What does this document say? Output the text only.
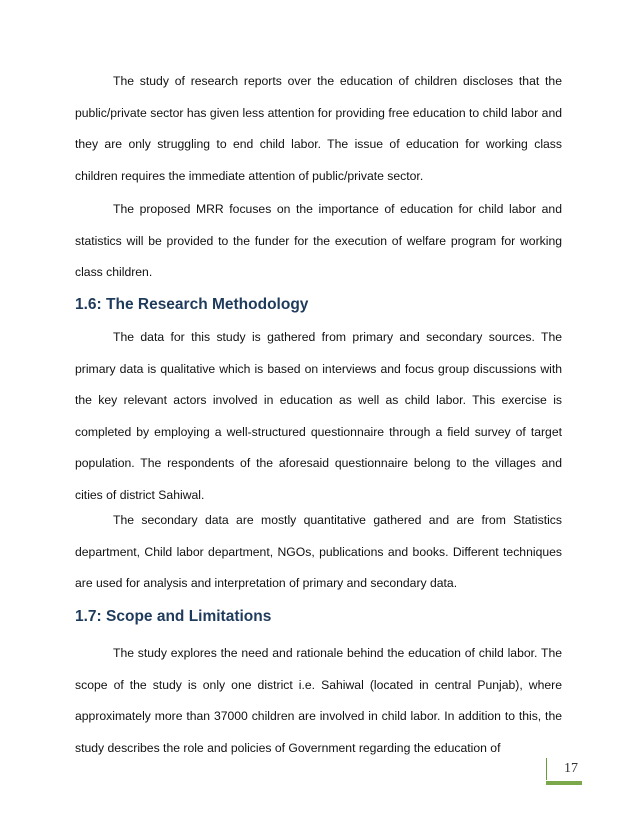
The study of research reports over the education of children discloses that the public/private sector has given less attention for providing free education to child labor and they are only struggling to end child labor. The issue of education for working class children requires the immediate attention of public/private sector.

The proposed MRR focuses on the importance of education for child labor and statistics will be provided to the funder for the execution of welfare program for working class children.

1.6: The Research Methodology

The data for this study is gathered from primary and secondary sources. The primary data is qualitative which is based on interviews and focus group discussions with the key relevant actors involved in education as well as child labor. This exercise is completed by employing a well-structured questionnaire through a field survey of target population. The respondents of the aforesaid questionnaire belong to the villages and cities of district Sahiwal.

The secondary data are mostly quantitative gathered and are from Statistics department, Child labor department, NGOs, publications and books. Different techniques are used for analysis and interpretation of primary and secondary data.

1.7: Scope and Limitations

The study explores the need and rationale behind the education of child labor. The scope of the study is only one district i.e. Sahiwal (located in central Punjab), where approximately more than 37000 children are involved in child labor. In addition to this, the study describes the role and policies of Government regarding the education of

17
